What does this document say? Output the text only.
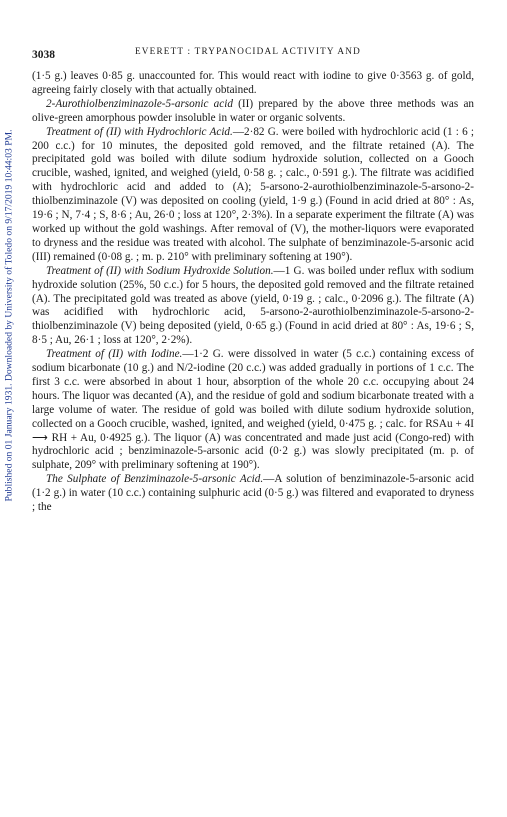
Published on 01 January 1931. Downloaded by University of Toledo on 9/17/2019 10:44:03 PM.
3038	EVERETT : TRYPANOCIDAL ACTIVITY AND

(1·5 g.) leaves 0·85 g. unaccounted for. This would react with iodine to give 0·3563 g. of gold, agreeing fairly closely with that actually obtained.

2-Aurothiolbenziminazole-5-arsonic acid (II) prepared by the above three methods was an olive-green amorphous powder insoluble in water or organic solvents.

Treatment of (II) with Hydrochloric Acid.—2·82 G. were boiled with hydrochloric acid (1 : 6 ; 200 c.c.) for 10 minutes, the deposited gold removed, and the filtrate retained (A). The precipitated gold was boiled with dilute sodium hydroxide solution, collected on a Gooch crucible, washed, ignited, and weighed (yield, 0·58 g. ; calc., 0·591 g.). The filtrate was acidified with hydrochloric acid and added to (A); 5-arsono-2-aurothiolbenziminazole-5-arsono-2-thiolbenziminazole (V) was deposited on cooling (yield, 1·9 g.) (Found in acid dried at 80° : As, 19·6 ; N, 7·4 ; S, 8·6 ; Au, 26·0 ; loss at 120°, 2·3%). In a separate experiment the filtrate (A) was worked up without the gold washings. After removal of (V), the mother-liquors were evaporated to dryness and the residue was treated with alcohol. The sulphate of benziminazole-5-arsonic acid (III) remained (0·08 g. ; m. p. 210° with preliminary softening at 190°).

Treatment of (II) with Sodium Hydroxide Solution.—1 G. was boiled under reflux with sodium hydroxide solution (25%, 50 c.c.) for 5 hours, the deposited gold removed and the filtrate retained (A). The precipitated gold was treated as above (yield, 0·19 g. ; calc., 0·2096 g.). The filtrate (A) was acidified with hydrochloric acid, 5-arsono-2-aurothiolbenziminazole-5-arsono-2-thiolbenziminazole (V) being deposited (yield, 0·65 g.) (Found in acid dried at 80° : As, 19·6 ; S, 8·5 ; Au, 26·1 ; loss at 120°, 2·2%).

Treatment of (II) with Iodine.—1·2 G. were dissolved in water (5 c.c.) containing excess of sodium bicarbonate (10 g.) and N/2-iodine (20 c.c.) was added gradually in portions of 1 c.c. The first 3 c.c. were absorbed in about 1 hour, absorption of the whole 20 c.c. occupying about 24 hours. The liquor was decanted (A), and the residue of gold and sodium bicarbonate treated with a large volume of water. The residue of gold was boiled with dilute sodium hydroxide solution, collected on a Gooch crucible, washed, ignited, and weighed (yield, 0·475 g. ; calc. for RSAu + 4I ⟶ RH + Au, 0·4925 g.). The liquor (A) was concentrated and made just acid (Congo-red) with hydrochloric acid ; benziminazole-5-arsonic acid (0·2 g.) was slowly precipitated (m. p. of sulphate, 209° with preliminary softening at 190°).

The Sulphate of Benziminazole-5-arsonic Acid.—A solution of benziminazole-5-arsonic acid (1·2 g.) in water (10 c.c.) containing sulphuric acid (0·5 g.) was filtered and evaporated to dryness ; the
